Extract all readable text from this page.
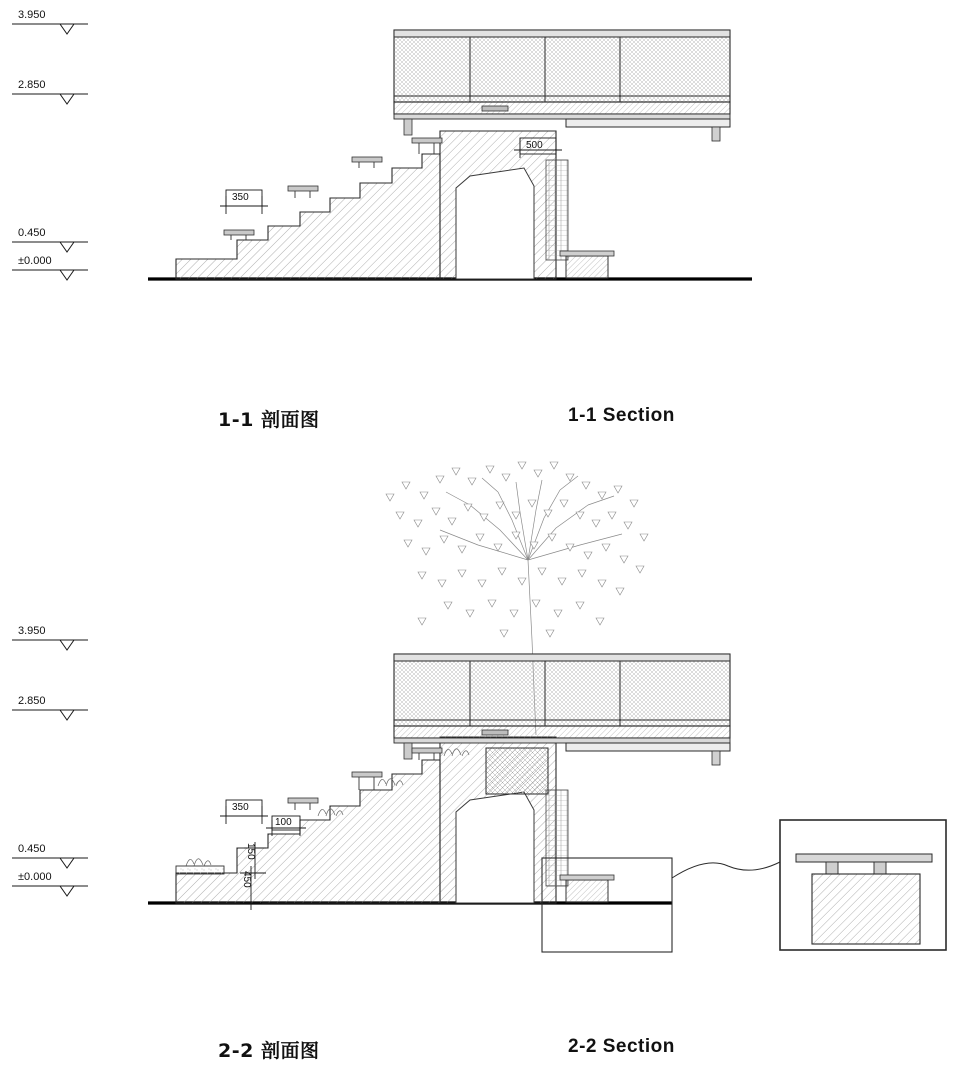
3.950
2.850
0.450
±0.000
3.950
2.850
0.450
±0.000
500
350
350
100
150
450
1-1 剖面图	1-1 Section
2-2 剖面图	2-2 Section
